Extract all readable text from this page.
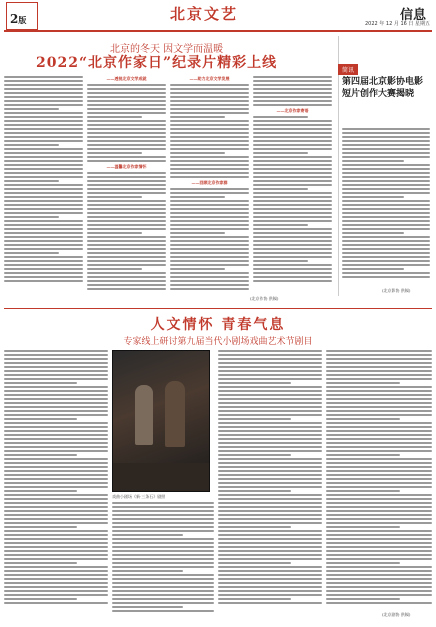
2版	北京文艺	信息
2022 年 12 月 16 日 星期五
北京的冬天 因文学而温暖
2022“北京作家日”纪录片精彩上线
——透视北京文学成就
——温馨北京作家情怀
——助力北京文学发展
——回顾北京作家群
——北京作家寄语
(北京作协 供稿)
简讯
第四届北京影协电影短片创作大赛揭晓
(北京影协 供稿)
人文情怀 青春气息
专家线上研讨第九届当代小剧场戏曲艺术节剧目
(北京剧协 供稿)
戏曲小剧场《新·三条石》剧照
